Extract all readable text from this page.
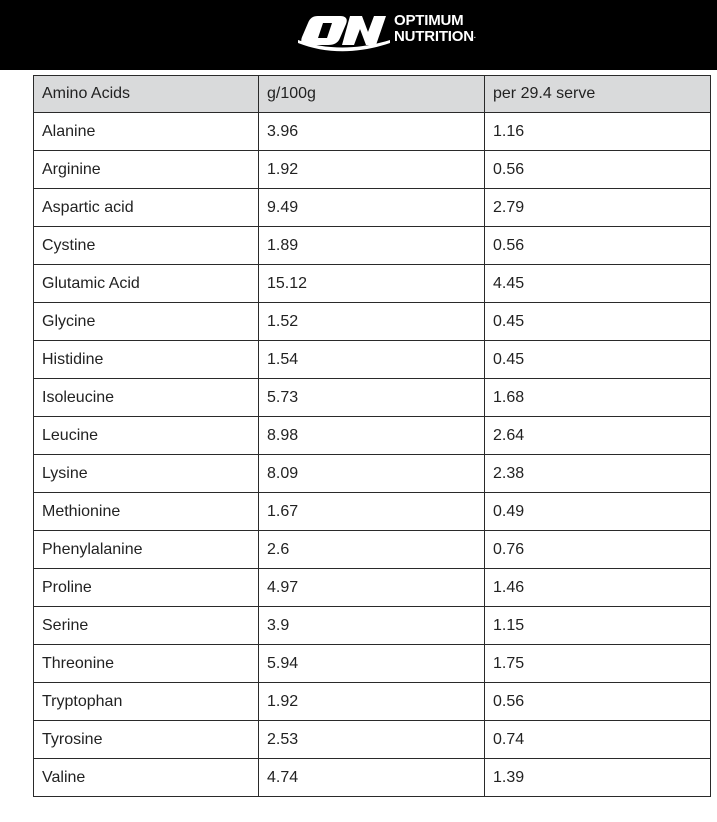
OPTIMUM
NUTRITION.
Amino Acids	g/100g	per 29.4 serve
Alanine	3.96	1.16
Arginine	1.92	0.56
Aspartic acid	9.49	2.79
Cystine	1.89	0.56
Glutamic Acid	15.12	4.45
Glycine	1.52	0.45
Histidine	1.54	0.45
Isoleucine	5.73	1.68
Leucine	8.98	2.64
Lysine	8.09	2.38
Methionine	1.67	0.49
Phenylalanine	2.6	0.76
Proline	4.97	1.46
Serine	3.9	1.15
Threonine	5.94	1.75
Tryptophan	1.92	0.56
Tyrosine	2.53	0.74
Valine	4.74	1.39
